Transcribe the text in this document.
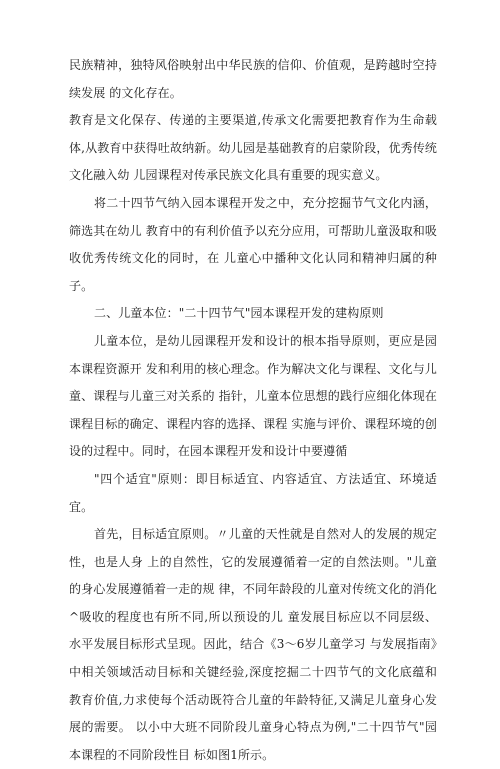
民族精神，独特风俗映射出中华民族的信仰、价值观，是跨越时空持续发展 的文化存在。

教育是文化保存、传递的主要渠道,传承文化需要把教育作为生命载 体,从教育中获得吐故纳新。幼儿园是基础教育的启蒙阶段，优秀传统文化融入幼 儿园课程对传承民族文化具有重要的现实意义。

将二十四节气纳入园本课程开发之中，充分挖掘节气文化内涵，筛选其在幼儿 教育中的有利价值予以充分应用，可帮助儿童汲取和吸收优秀传统文化的同时，在 儿童心中播种文化认同和精神归属的种子。

二、儿童本位："二十四节气"园本课程开发的建构原则

儿童本位，是幼儿园课程开发和设计的根本指导原则，更应是园本课程资源开 发和利用的核心理念。作为解决文化与课程、文化与儿童、课程与儿童三对关系的 指针，儿童本位思想的践行应细化体现在课程目标的确定、课程内容的选择、课程 实施与评价、课程环境的创设的过程中。同时，在园本课程开发和设计中要遵循

"四个适宜"原则：即目标适宜、内容适宜、方法适宜、环境适宜。

首先，目标适宜原则。〃儿童的天性就是自然对人的发展的规定性，也是人身 上的自然性，它的发展遵循着一定的自然法则。"儿童的身心发展遵循着一走的规 律，不同年龄段的儿童对传统文化的消化^吸收的程度也有所不同,所以预设的儿 童发展目标应以不同层级、水平发展目标形式呈现。因此，结合《3～6岁儿童学习 与发展指南》中相关领域活动目标和关键经验,深度挖掘二十四节气的文化底蕴和 教育价值,力求使每个活动既符合儿童的年龄特征,又满足儿童身心发展的需要。 以小中大班不同阶段儿童身心特点为例,"二十四节气"园本课程的不同阶段性目 标如图1所示。
